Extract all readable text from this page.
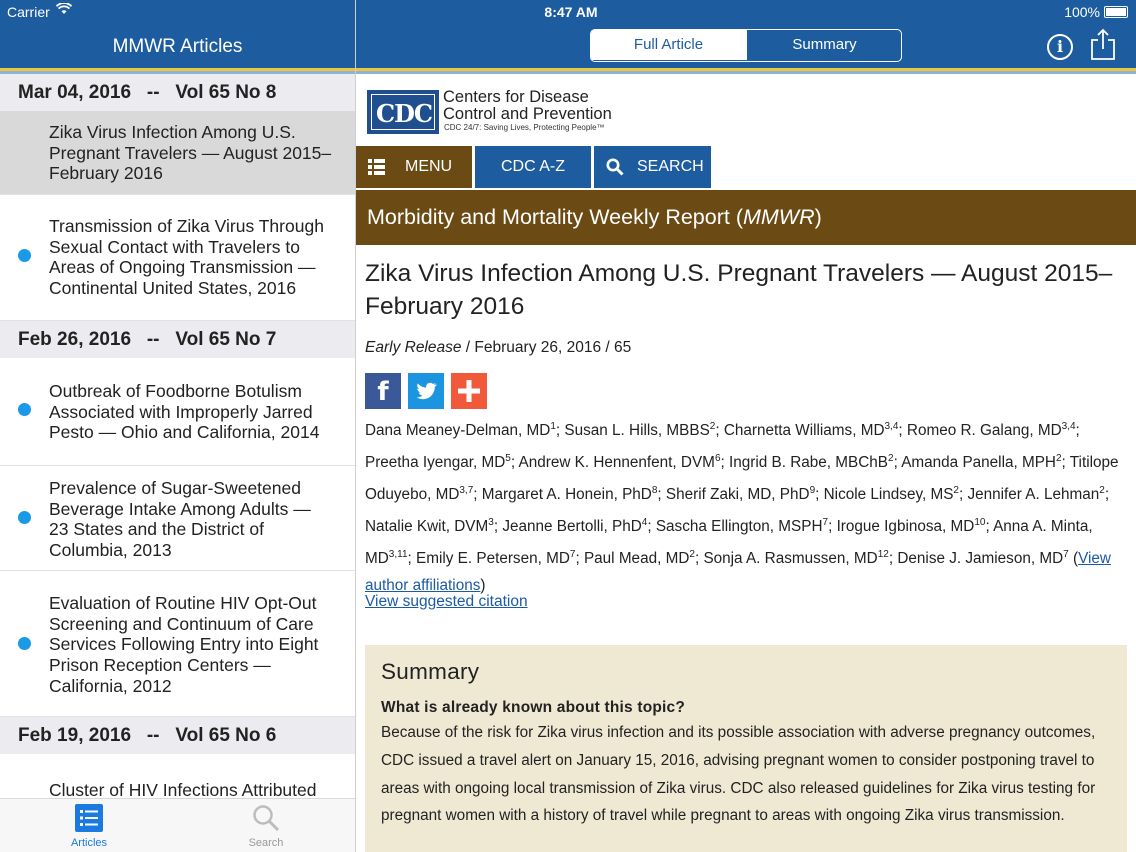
Carrier
MMWR Articles
Mar 04, 2016   --   Vol 65 No 8
Zika Virus Infection Among U.S.
Pregnant Travelers — August 2015–
February 2016
Transmission of Zika Virus Through
Sexual Contact with Travelers to
Areas of Ongoing Transmission —
Continental United States, 2016
Feb 26, 2016   --   Vol 65 No 7
Outbreak of Foodborne Botulism
Associated with Improperly Jarred
Pesto — Ohio and California, 2014
Prevalence of Sugar-Sweetened
Beverage Intake Among Adults —
23 States and the District of
Columbia, 2013
Evaluation of Routine HIV Opt-Out
Screening and Continuum of Care
Services Following Entry into Eight
Prison Reception Centers —
California, 2012
Feb 19, 2016   --   Vol 65 No 6
Cluster of HIV Infections Attributed
Articles	Search
8:47 AM	100%
Full Article	Summary	i
CDC
Centers for Disease
Control and Prevention
CDC 24/7: Saving Lives, Protecting People™
MENU	CDC A-Z	SEARCH
Morbidity and Mortality Weekly Report (MMWR)
Zika Virus Infection Among U.S. Pregnant Travelers — August 2015–February 2016
Early Release / February 26, 2016 / 65
f
Dana Meaney-Delman, $MD^1$; Susan L. Hills, MBBS$^2$; Charnetta Williams, MD$^{3,4}$; Romeo R. Galang, MD$^{3,4}$; Preetha Iyengar, $MD^5$; Andrew K. Hennenfent, DVM$^6$; Ingrid B. Rabe, MBChB$^2$; Amanda Panella, MPH$^2$; Titilope Oduyebo, MD$^{3,7}$; Margaret A. Honein, PhD$^8$; Sherif Zaki, MD, PhD$^9$; Nicole Lindsey, $MS^2$; Jennifer A. Lehman$^2$; Natalie Kwit, DVM$^3$; Jeanne Bertolli, PhD$^4$; Sascha Ellington, MSPH$^7$; Irogue Igbinosa, MD$^{10}$; Anna A. Minta, MD$^{3,11}$; Emily E. Petersen, $MD^7$; Paul Mead, $MD^2$; Sonja A. Rasmussen, MD$^{12}$; Denise J. Jamieson, $MD^7$ (View author affiliations)
View suggested citation
Summary
What is already known about this topic?
Because of the risk for Zika virus infection and its possible association with adverse pregnancy outcomes, CDC issued a travel alert on January 15, 2016, advising pregnant women to consider postponing travel to areas with ongoing local transmission of Zika virus. CDC also released guidelines for Zika virus testing for pregnant women with a history of travel while pregnant to areas with ongoing Zika virus transmission.
